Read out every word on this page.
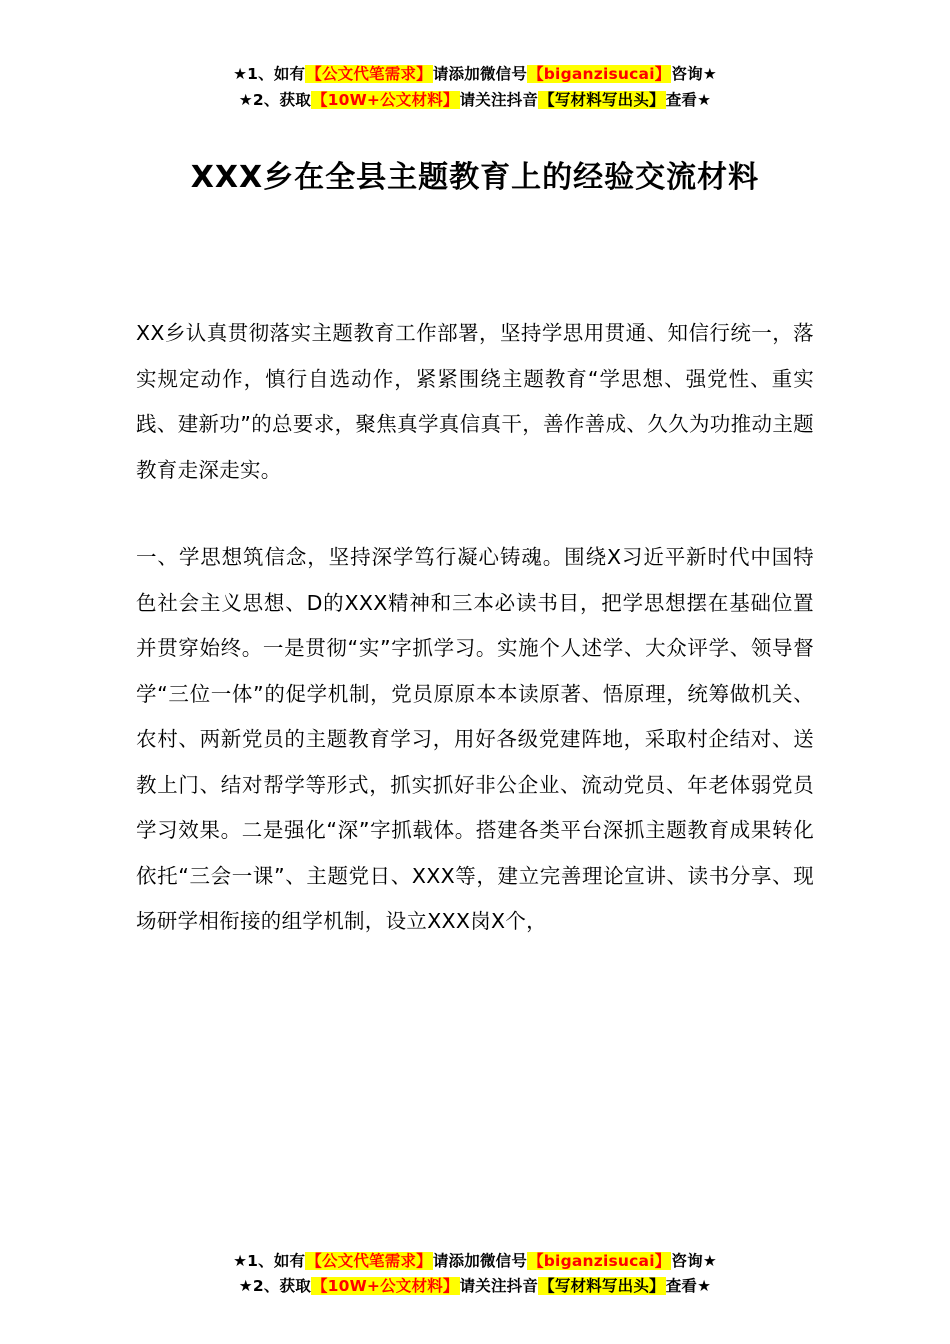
★1、如有【公文代笔需求】请添加微信号【biganzisucai】咨询★
★2、获取【10W+公文材料】请关注抖音【写材料写出头】查看★
XXX乡在全县主题教育上的经验交流材料

XX乡认真贯彻落实主题教育工作部署，坚持学思用贯通、知信行统一，落实规定动作，慎行自选动作，紧紧围绕主题教育“学思想、强党性、重实践、建新功”的总要求，聚焦真学真信真干，善作善成、久久为功推动主题教育走深走实。

一、学思想筑信念，坚持深学笃行凝心铸魂。围绕X习近平新时代中国特色社会主义思想、D的XXX精神和三本必读书目，把学思想摆在基础位置并贯穿始终。一是贯彻“实”字抓学习。实施个人述学、大众评学、领导督学“三位一体”的促学机制，党员原原本本读原著、悟原理，统筹做机关、农村、两新党员的主题教育学习，用好各级党建阵地，采取村企结对、送教上门、结对帮学等形式，抓实抓好非公企业、流动党员、年老体弱党员学习效果。二是强化“深”字抓载体。搭建各类平台深抓主题教育成果转化依托“三会一课”、主题党日、XXX等，建立完善理论宣讲、读书分享、现场研学相衔接的组学机制，设立XXX岗X个，

★1、如有【公文代笔需求】请添加微信号【biganzisucai】咨询★
★2、获取【10W+公文材料】请关注抖音【写材料写出头】查看★
